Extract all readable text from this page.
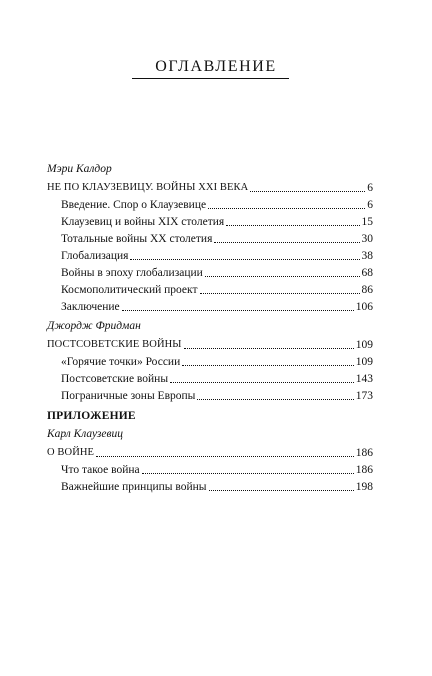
ОГЛАВЛЕНИЕ
Мэри Калдор
НЕ ПО КЛАУЗЕВИЦУ. ВОЙНЫ XXI ВЕКА	6
Введение. Спор о Клаузевице	6
Клаузевиц и войны XIX столетия	15
Тотальные войны XX столетия	30
Глобализация	38
Войны в эпоху глобализации	68
Космополитический проект	86
Заключение	106
Джордж Фридман
ПОСТСОВЕТСКИЕ ВОЙНЫ	109
«Горячие точки» России	109
Постсоветские войны	143
Пограничные зоны Европы	173
ПРИЛОЖЕНИЕ
Карл Клаузевиц
О ВОЙНЕ	186
Что такое война	186
Важнейшие принципы войны	198
